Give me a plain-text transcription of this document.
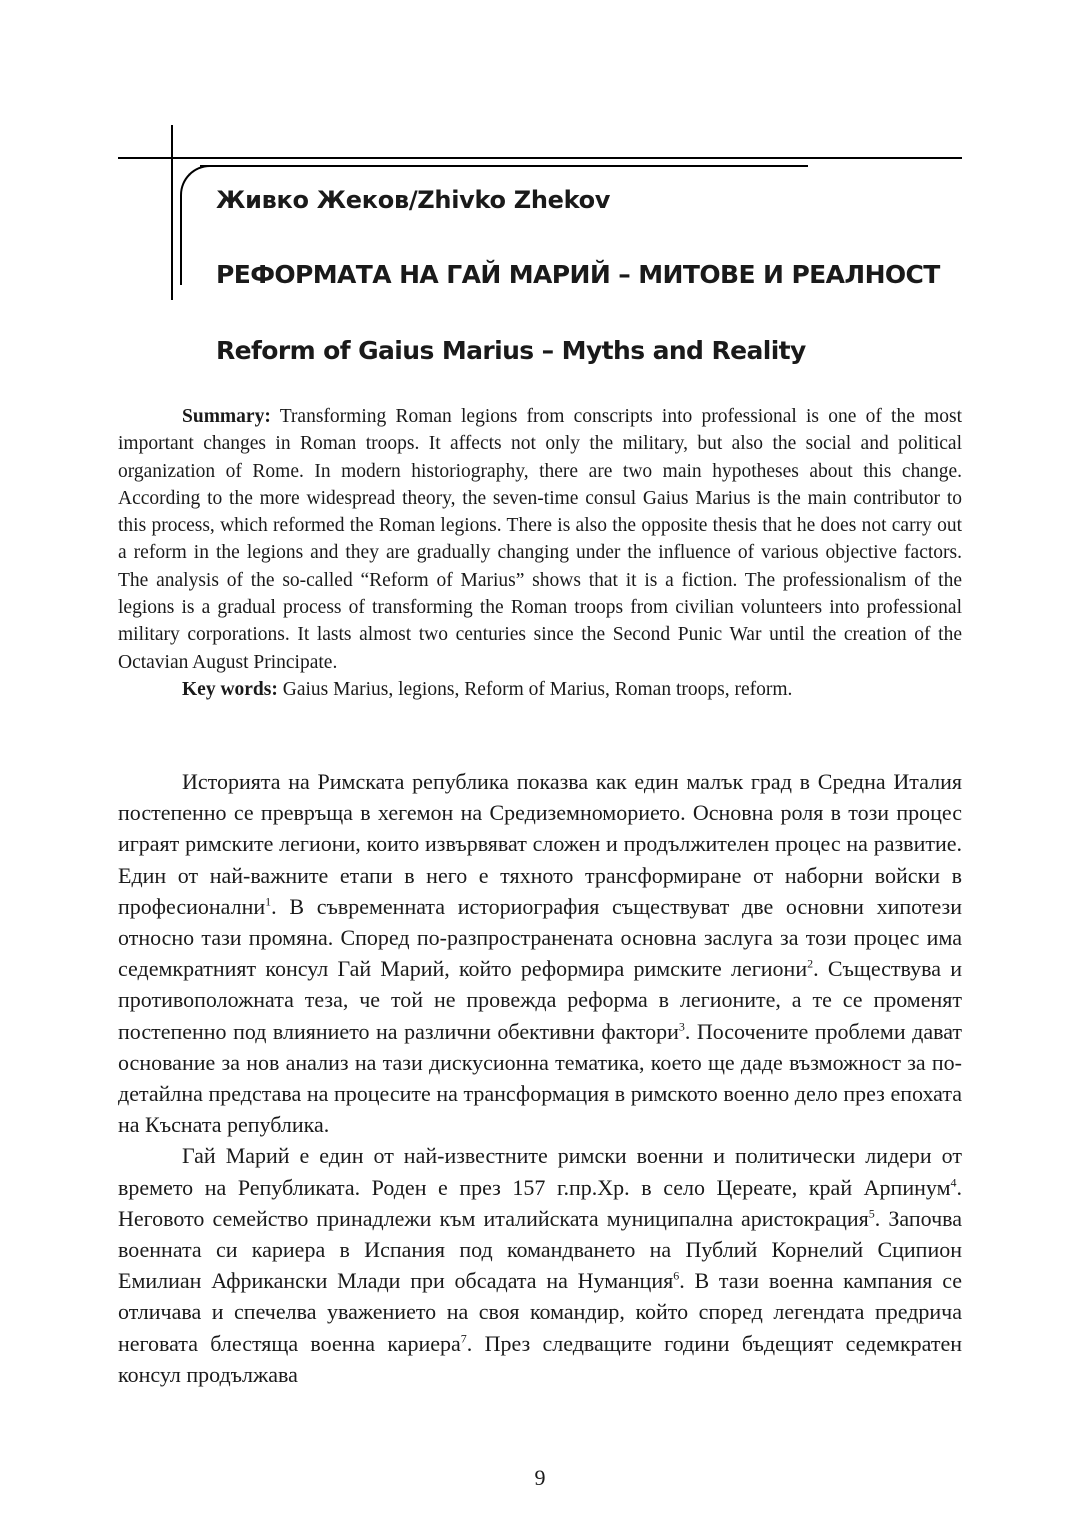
Живко Жеков/Zhivko Zhekov
РЕФОРМАТА НА ГАЙ МАРИЙ – МИТОВЕ И РЕАЛНОСТ
Reform of Gaius Marius – Myths and Reality

Summary: Transforming Roman legions from conscripts into professional is one of the most important changes in Roman troops. It affects not only the military, but also the social and political organization of Rome. In modern historiography, there are two main hypotheses about this change. According to the more widespread theory, the seven-time consul Gaius Marius is the main contributor to this process, which reformed the Roman legions. There is also the opposite thesis that he does not carry out a reform in the legions and they are gradually changing under the influence of various objective factors. The analysis of the so-called “Reform of Marius” shows that it is a fiction. The professionalism of the legions is a gradual process of transforming the Roman troops from civilian volunteers into professional military corporations. It lasts almost two centuries since the Second Punic War until the creation of the Octavian August Principate.

Key words: Gaius Marius, legions, Reform of Marius, Roman troops, reform.

Историята на Римската република показва как един малък град в Средна Италия постепенно се превръща в хегемон на Средиземноморието. Основна роля в този процес играят римските легиони, които извървяват сложен и продължителен процес на развитие. Един от най-важните етапи в него е тяхното трансформиране от наборни войски в професионални$^1$. В съвременната историография съществуват две основни хипотези относно тази промяна. Според по-разпространената основна заслуга за този процес има седемкратният консул Гай Марий, който реформира римските легиони$^2$. Съществува и противоположната теза, че той не провежда реформа в легионите, а те се променят постепенно под влиянието на различни обективни фактори$^3$. Посочените проблеми дават основание за нов анализ на тази дискусионна тематика, което ще даде възможност за по-детайлна представа на процесите на трансформация в римското военно дело през епохата на Късната република.

Гай Марий е един от най-известните римски военни и политически лидери от времето на Републиката. Роден е през 157 г.пр.Хр. в село Цереате, край Арпинум$^4$. Неговото семейство принадлежи към италийската муниципална аристокрация$^5$. Започва военната си кариера в Испания под командването на Публий Корнелий Сципион Емилиан Африкански Млади при обсадата на Нуманция$^6$. В тази военна кампания се отличава и спечелва уважението на своя командир, който според легендата предрича неговата блестяща военна кариера$^7$. През следващите години бъдещият седемкратен консул продължава

9
